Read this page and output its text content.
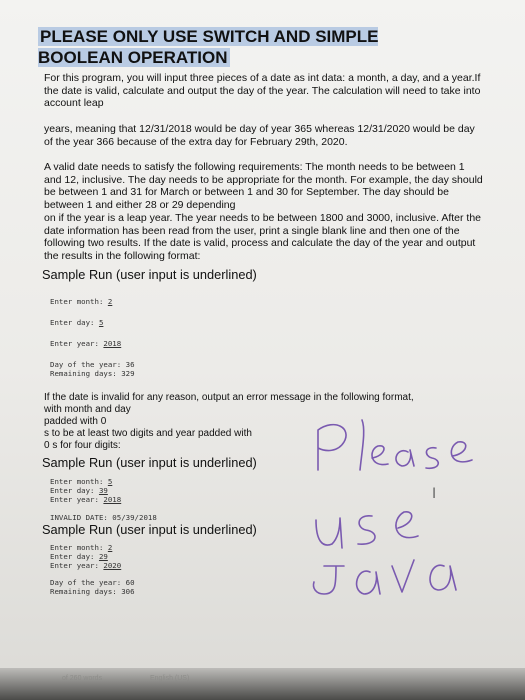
PLEASE ONLY USE SWITCH AND SIMPLE BOOLEAN OPERATION

For this program, you will input three pieces of a date as int data: a month, a day, and a year.If the date is valid, calculate and output the day of the year. The calculation will need to take into account leap

years, meaning that 12/31/2018 would be day of year 365 whereas 12/31/2020 would be day of the year 366 because of the extra day for February 29th, 2020.

A valid date needs to satisfy the following requirements: The month needs to be between 1 and 12, inclusive. The day needs to be appropriate for the month. For example, the day should be between 1 and 31 for March or between 1 and 30 for September. The day should be between 1 and either 28 or 29 depending

on if the year is a leap year. The year needs to be between 1800 and 3000, inclusive. After the date information has been read from the user, print a single blank line and then one of the following two results. If the date is valid, process and calculate the day of the year and output the results in the following format:

Sample Run (user input is underlined)
Enter month: 2
Enter day: 5
Enter year: 2018
Day of the year: 36
Remaining days: 329
If the date is invalid for any reason, output an error message in the following format,
with month and day
padded with 0
s to be at least two digits and year padded with
0 s for four digits:
Sample Run (user input is underlined)
Enter month: 5
Enter day: 39
Enter year: 2018
INVALID DATE: 05/39/2018
Sample Run (user input is underlined)
Enter month: 2
Enter day: 29
Enter year: 2020
Day of the year: 60
Remaining days: 306
I
of 260 words	English (US)
